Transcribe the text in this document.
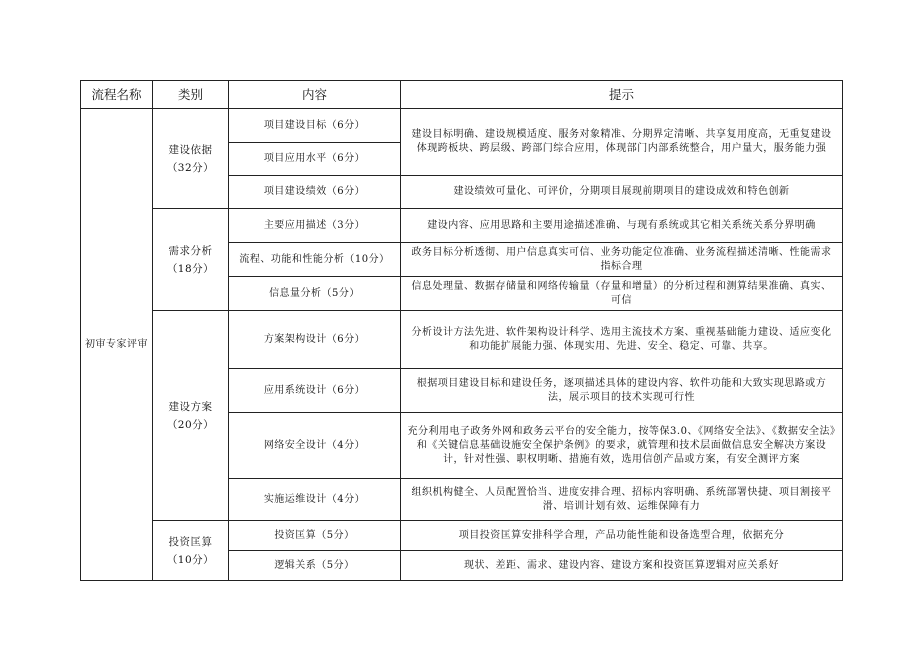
流程名称	类别	内容	提示
初审专家评审	建设依据（32分）	项目建设目标（6分）	建设目标明确、建设规模适度、服务对象精准、分期界定清晰、共享复用度高，无重复建设体现跨板块、跨层级、跨部门综合应用，体现部门内部系统整合，用户量大，服务能力强
		项目应用水平（6分）	
		项目建设绩效（6分）	建设绩效可量化、可评价，分期项目展现前期项目的建设成效和特色创新
	需求分析（18分）	主要应用描述（3分）	建设内容、应用思路和主要用途描述准确、与现有系统或其它相关系统关系分界明确
		流程、功能和性能分析（10分）	政务目标分析透彻、用户信息真实可信、业务功能定位准确、业务流程描述清晰、性能需求指标合理
		信息量分析（5分）	信息处理量、数据存储量和网络传输量（存量和增量）的分析过程和测算结果准确、真实、可信
	建设方案（20分）	方案架构设计（6分）	分析设计方法先进、软件架构设计科学、选用主流技术方案、重视基础能力建设、适应变化和功能扩展能力强、体现实用、先进、安全、稳定、可靠、共享。
		应用系统设计（6分）	根据项目建设目标和建设任务，逐项描述具体的建设内容、软件功能和大致实现思路或方法，展示项目的技术实现可行性
		网络安全设计（4分）	充分利用电子政务外网和政务云平台的安全能力，按等保3.0、《网络安全法》、《数据安全法》和《关键信息基础设施安全保护条例》的要求，就管理和技术层面做信息安全解决方案设计，针对性强、职权明晰、措施有效，选用信创产品或方案，有安全测评方案
		实施运维设计（4分）	组织机构健全、人员配置恰当、进度安排合理、招标内容明确、系统部署快捷、项目割接平滑、培训计划有效、运维保障有力
	投资匡算（10分）	投资匡算（5分）	项目投资匡算安排科学合理，产品功能性能和设备选型合理，依据充分
		逻辑关系（5分）	现状、差距、需求、建设内容、建设方案和投资匡算逻辑对应关系好
